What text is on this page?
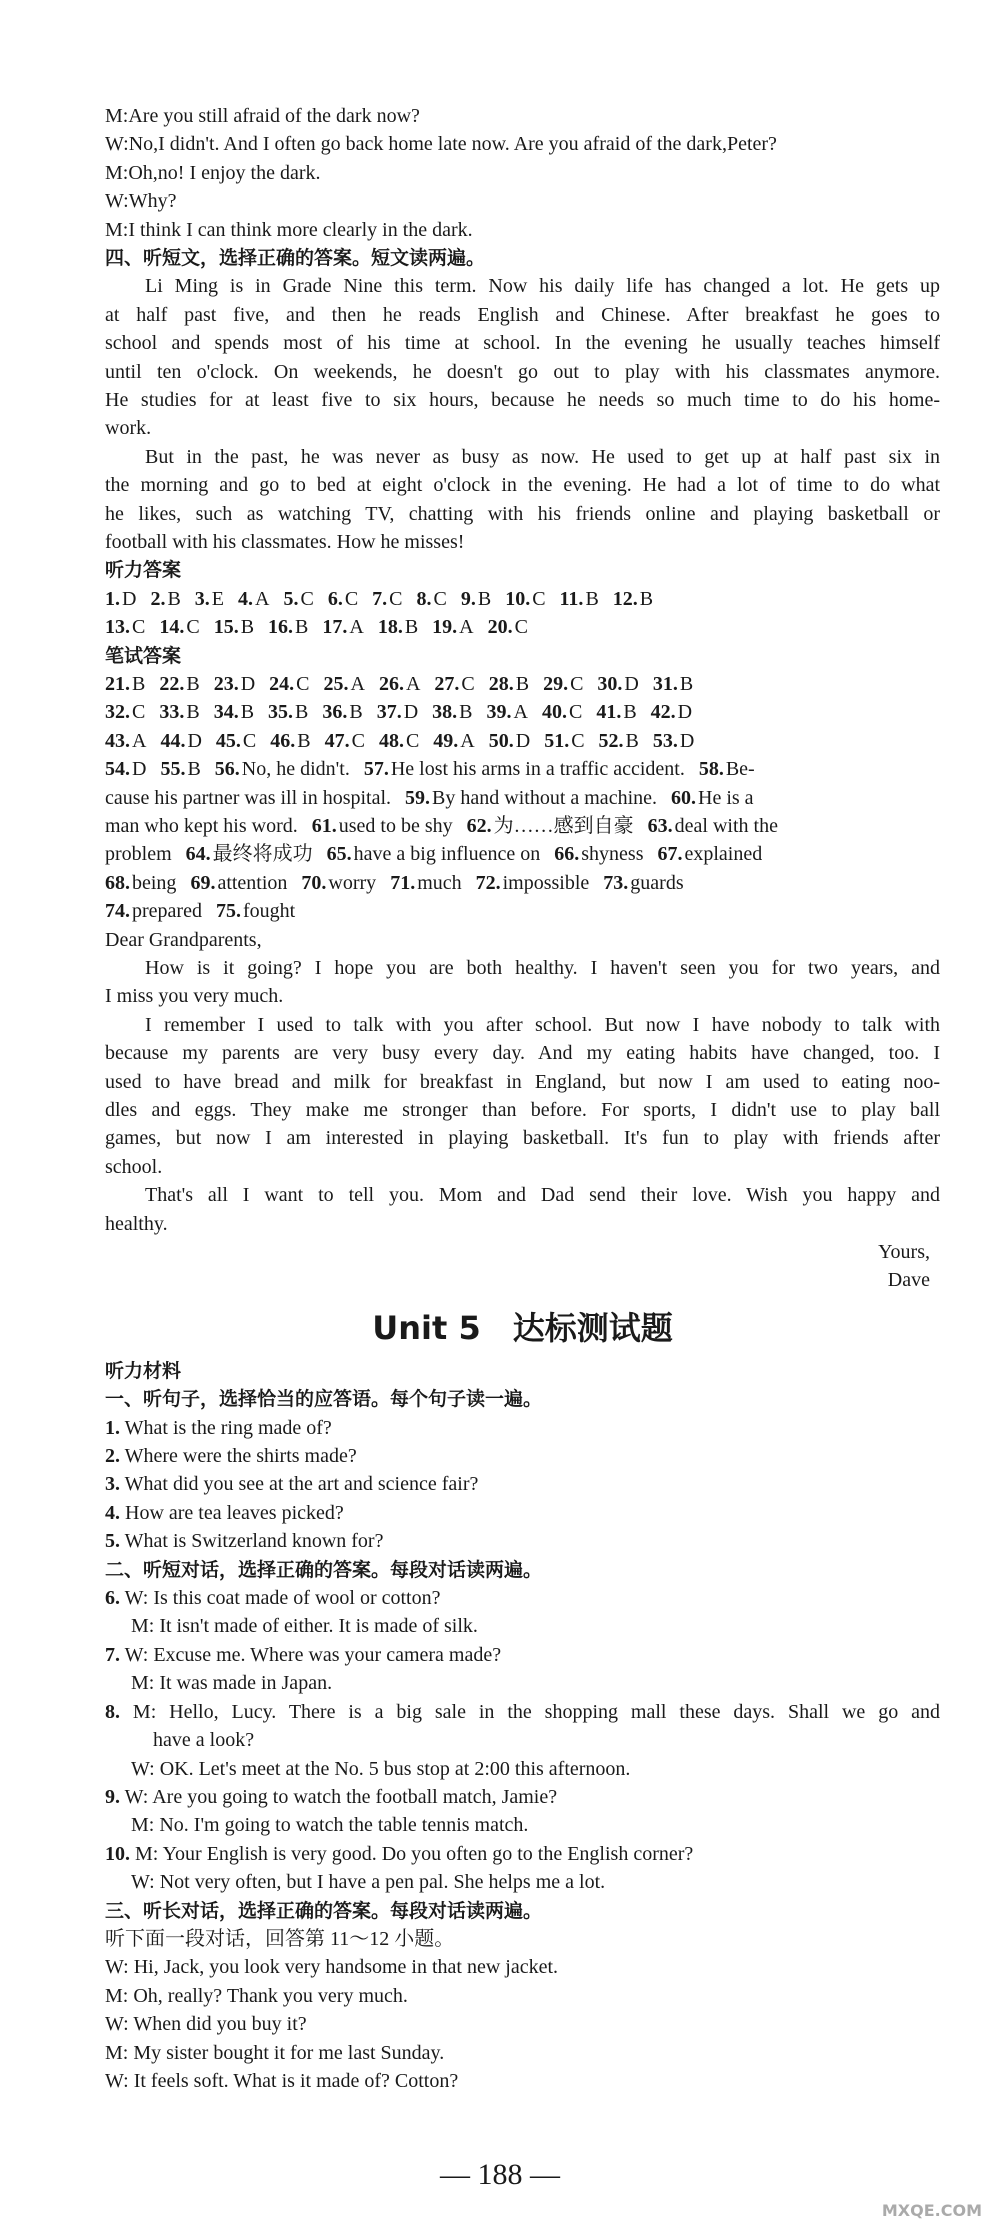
M:Are you still afraid of the dark now?

W:No,I didn't. And I often go back home late now. Are you afraid of the dark,Peter?

M:Oh,no! I enjoy the dark.

W:Why?

M:I think I can think more clearly in the dark.

四、听短文，选择正确的答案。短文读两遍。

Li Ming is in Grade Nine this term. Now his daily life has changed a lot. He gets up

at half past five, and then he reads English and Chinese. After breakfast he goes to

school and spends most of his time at school. In the evening he usually teaches himself

until ten o'clock. On weekends, he doesn't go out to play with his classmates anymore.

He studies for at least five to six hours, because he needs so much time to do his home-

work.

But in the past, he was never as busy as now. He used to get up at half past six in

the morning and go to bed at eight o'clock in the evening. He had a lot of time to do what

he likes, such as watching TV, chatting with his friends online and playing basketball or

football with his classmates. How he misses!

听力答案

1. D 2. B 3. E 4. A 5. C 6. C 7. C 8. C 9. B 10. C 11. B 12. B
13. C 14. C 15. B 16. B 17. A 18. B 19. A 20. C

笔试答案

21. B 22. B 23. D 24. C 25. A 26. A 27. C 28. B 29. C 30. D 31. B
32. C 33. B 34. B 35. B 36. B 37. D 38. B 39. A 40. C 41. B 42. D
43. A 44. D 45. C 46. B 47. C 48. C 49. A 50. D 51. C 52. B 53. D
54. D 55. B 56. No, he didn't. 57. He lost his arms in a traffic accident. 58. Be-
cause his partner was ill in hospital. 59. By hand without a machine. 60. He is a
man who kept his word. 61. used to be shy 62. 为……感到自豪 63. deal with the
problem 64. 最终将成功 65. have a big influence on 66. shyness 67. explained
68. being 69. attention 70. worry 71. much 72. impossible 73. guards
74. prepared 75. fought

Dear Grandparents,

How is it going? I hope you are both healthy. I haven't seen you for two years, and

I miss you very much.

I remember I used to talk with you after school. But now I have nobody to talk with

because my parents are very busy every day. And my eating habits have changed, too. I

used to have bread and milk for breakfast in England, but now I am used to eating noo-

dles and eggs. They make me stronger than before. For sports, I didn't use to play ball

games, but now I am interested in playing basketball. It's fun to play with friends after

school.

That's all I want to tell you. Mom and Dad send their love. Wish you happy and

healthy.

Yours,

Dave

Unit 5　达标测试题

听力材料

一、听句子，选择恰当的应答语。每个句子读一遍。

1. What is the ring made of?

2. Where were the shirts made?

3. What did you see at the art and science fair?

4. How are tea leaves picked?

5. What is Switzerland known for?

二、听短对话，选择正确的答案。每段对话读两遍。

6. W: Is this coat made of wool or cotton?

M: It isn't made of either. It is made of silk.

7. W: Excuse me. Where was your camera made?

M: It was made in Japan.

8. M: Hello, Lucy. There is a big sale in the shopping mall these days. Shall we go and

have a look?

W: OK. Let's meet at the No. 5 bus stop at 2:00 this afternoon.

9. W: Are you going to watch the football match, Jamie?

M: No. I'm going to watch the table tennis match.

10. M: Your English is very good. Do you often go to the English corner?

W: Not very often, but I have a pen pal. She helps me a lot.

三、听长对话，选择正确的答案。每段对话读两遍。

听下面一段对话，回答第 11～12 小题。

W: Hi, Jack, you look very handsome in that new jacket.

M: Oh, really? Thank you very much.

W: When did you buy it?

M: My sister bought it for me last Sunday.

W: It feels soft. What is it made of? Cotton?

— 188 —
MXQE.COM
